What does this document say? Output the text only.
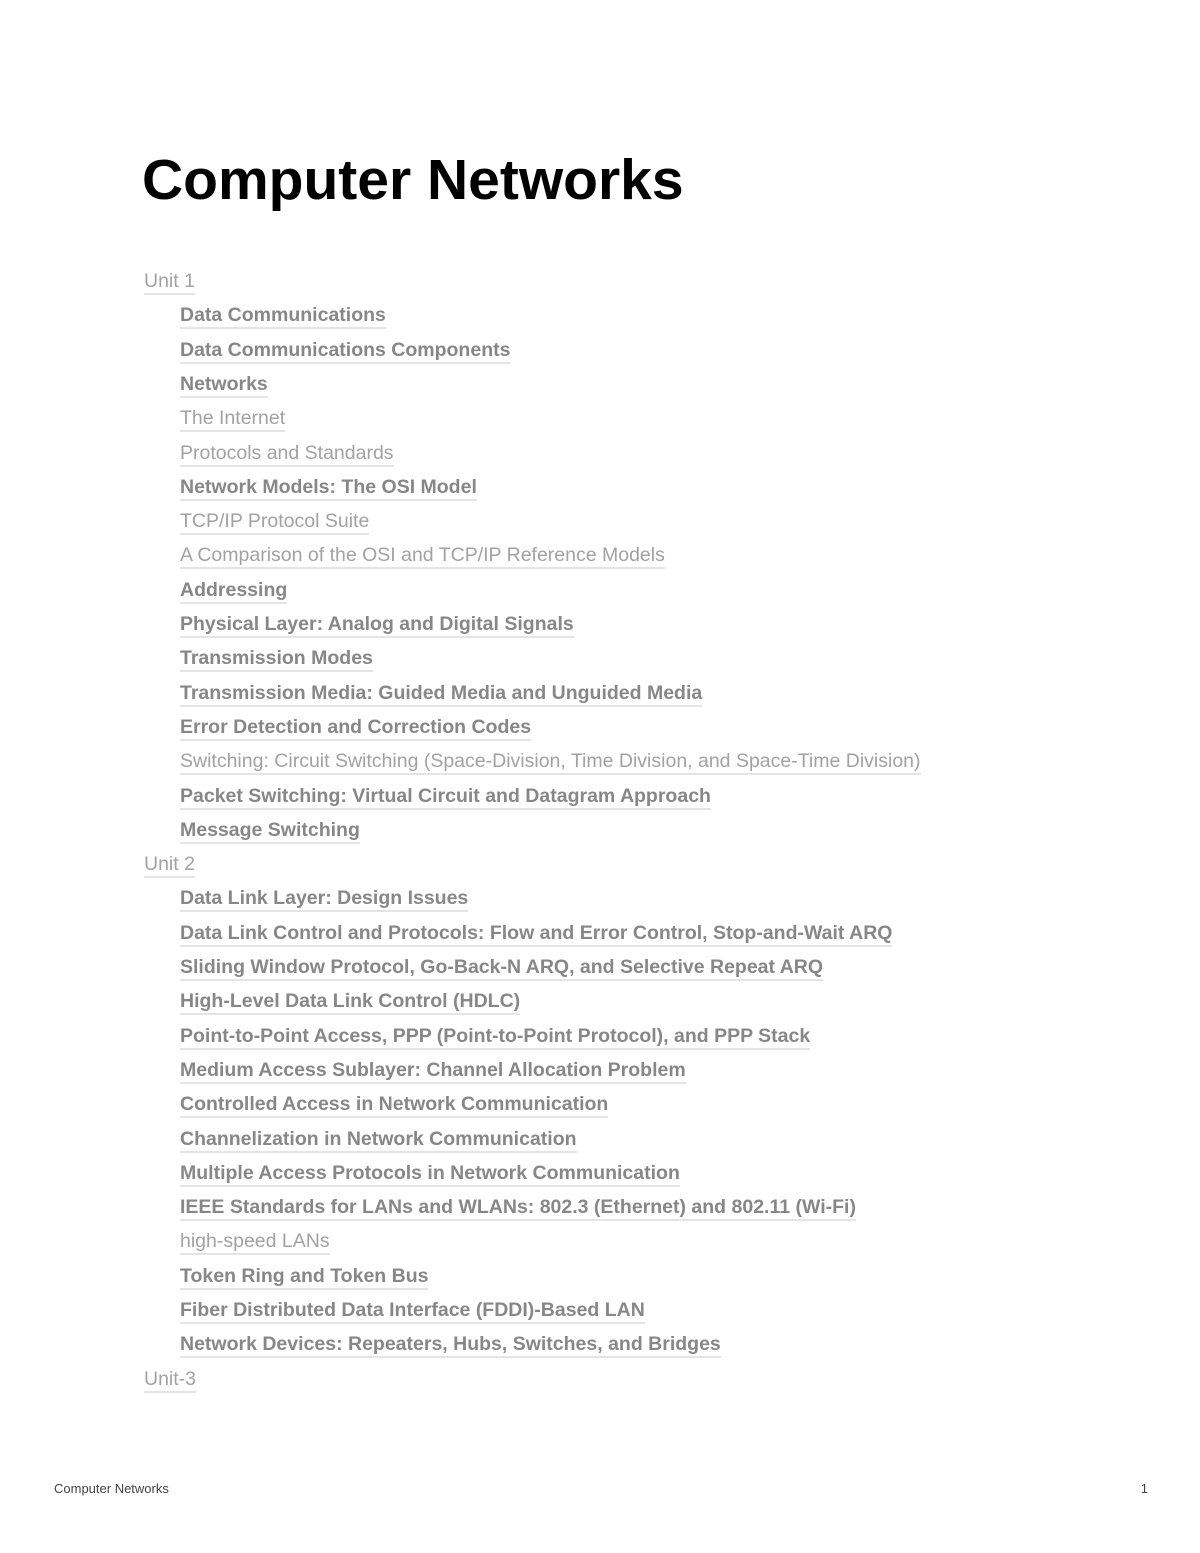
Computer Networks
Unit 1
Data Communications
Data Communications Components
Networks
The Internet
Protocols and Standards
Network Models: The OSI Model
TCP/IP Protocol Suite
A Comparison of the OSI and TCP/IP Reference Models
Addressing
Physical Layer: Analog and Digital Signals
Transmission Modes
Transmission Media: Guided Media and Unguided Media
Error Detection and Correction Codes
Switching: Circuit Switching (Space-Division, Time Division, and Space-Time Division)
Packet Switching: Virtual Circuit and Datagram Approach
Message Switching
Unit 2
Data Link Layer: Design Issues
Data Link Control and Protocols: Flow and Error Control, Stop-and-Wait ARQ
Sliding Window Protocol, Go-Back-N ARQ, and Selective Repeat ARQ
High-Level Data Link Control (HDLC)
Point-to-Point Access, PPP (Point-to-Point Protocol), and PPP Stack
Medium Access Sublayer: Channel Allocation Problem
Controlled Access in Network Communication
Channelization in Network Communication
Multiple Access Protocols in Network Communication
IEEE Standards for LANs and WLANs: 802.3 (Ethernet) and 802.11 (Wi-Fi)
high-speed LANs
Token Ring and Token Bus
Fiber Distributed Data Interface (FDDI)-Based LAN
Network Devices: Repeaters, Hubs, Switches, and Bridges
Unit-3
Computer Networks	1
